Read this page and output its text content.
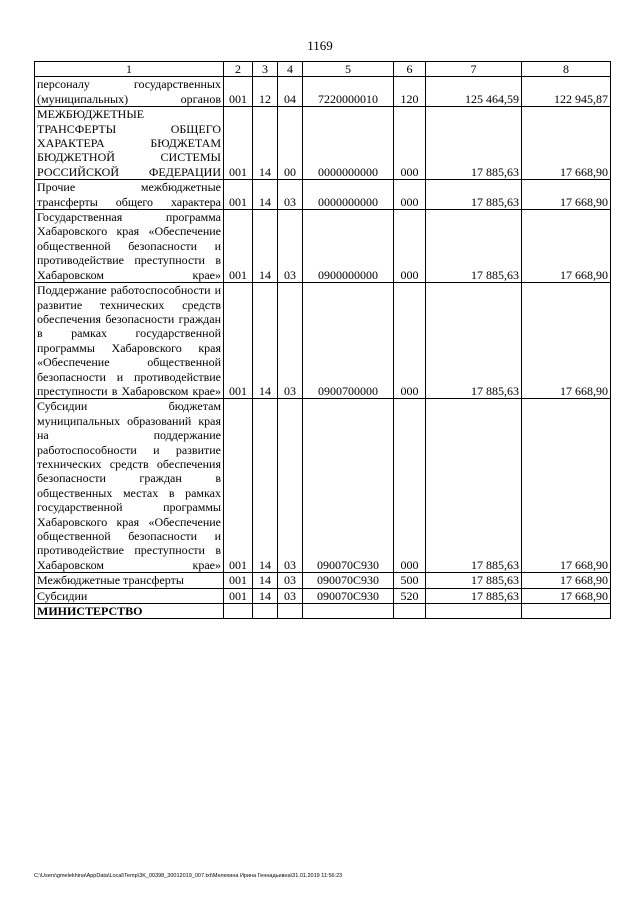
1169
1	2	3	4	5	6	7	8
персоналу государственных (муниципальных) органов	001	12	04	7220000010	120	125 464,59	122 945,87
МЕЖБЮДЖЕТНЫЕ ТРАНСФЕРТЫ ОБЩЕГО ХАРАКТЕРА БЮДЖЕТАМ БЮДЖЕТНОЙ СИСТЕМЫ РОССИЙСКОЙ ФЕДЕРАЦИИ	001	14	00	0000000000	000	17 885,63	17 668,90
Прочие межбюджетные трансферты общего характера	001	14	03	0000000000	000	17 885,63	17 668,90
Государственная программа Хабаровского края «Обеспечение общественной безопасности и противодействие преступности в Хабаровском крае»	001	14	03	0900000000	000	17 885,63	17 668,90
Поддержание работоспособности и развитие технических средств обеспечения безопасности граждан в рамках государственной программы Хабаровского края «Обеспечение общественной безопасности и противодействие преступности в Хабаровском крае»	001	14	03	0900700000	000	17 885,63	17 668,90
Субсидии бюджетам муниципальных образований края на поддержание работоспособности и развитие технических средств обеспечения безопасности граждан в общественных местах в рамках государственной программы Хабаровского края «Обеспечение общественной безопасности и противодействие преступности в Хабаровском крае»	001	14	03	090070С930	000	17 885,63	17 668,90
Межбюджетные трансферты	001	14	03	090070С930	500	17 885,63	17 668,90
Субсидии	001	14	03	090070С930	520	17 885,63	17 668,90
МИНИСТЕРСТВО							
C:\Users\gmelekhina\AppData\Local\Temp\3K_00398_30012019_007.txt\Мелехина Ирина Геннадьевна\31.01.2019 11:56:23
